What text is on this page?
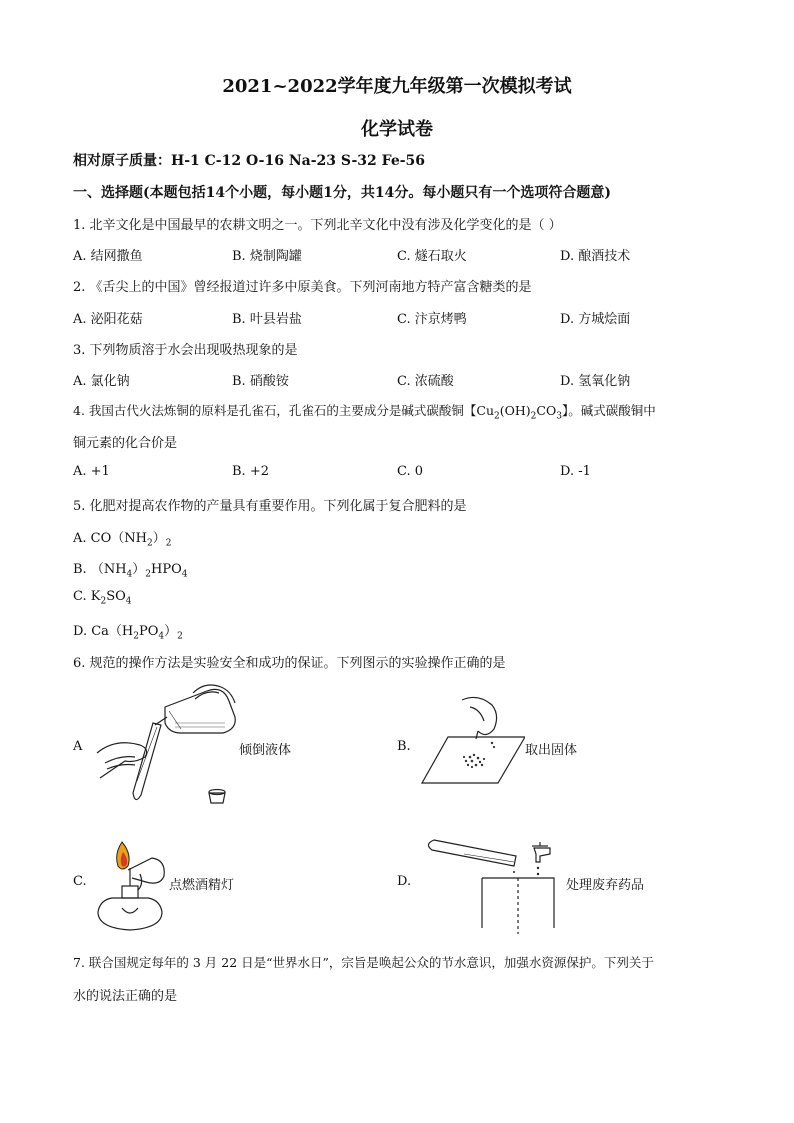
2021~2022学年度九年级第一次模拟考试
化学试卷
相对原子质量：H-1 C-12 O-16 Na-23 S-32 Fe-56
一、选择题(本题包括14个小题，每小题1分，共14分。每小题只有一个选项符合题意)
1. 北辛文化是中国最早的农耕文明之一。下列北辛文化中没有涉及化学变化的是（ ）
A. 结网撒鱼	B. 烧制陶罐	C. 燧石取火	D. 酿酒技术
2. 《舌尖上的中国》曾经报道过许多中原美食。下列河南地方特产富含糖类的是
A. 泌阳花菇	B. 叶县岩盐	C. 汴京烤鸭	D. 方城烩面
3. 下列物质溶于水会出现吸热现象的是
A. 氯化钠	B. 硝酸铵	C. 浓硫酸	D. 氢氧化钠
4. 我国古代火法炼铜的原料是孔雀石，孔雀石的主要成分是碱式碳酸铜【$Cu_2(OH)_2CO_3$】。碱式碳酸铜中
铜元素的化合价是
A. +1	B. +2	C. 0	D. -1
5. 化肥对提高农作物的产量具有重要作用。下列化属于复合肥料的是
A. $CO(NH_2)_2$
B. $(NH_4)_2HPO_4$
C. $K_2SO_4$
D. $Ca(H_2PO_4)_2$
6. 规范的操作方法是实验安全和成功的保证。下列图示的实验操作正确的是
A	倾倒液体	B.	取出固体
C.	点燃酒精灯	D.	处理废弃药品
7. 联合国规定每年的 3 月 22 日是“世界水日”，宗旨是唤起公众的节水意识，加强水资源保护。下列关于
水的说法正确的是
